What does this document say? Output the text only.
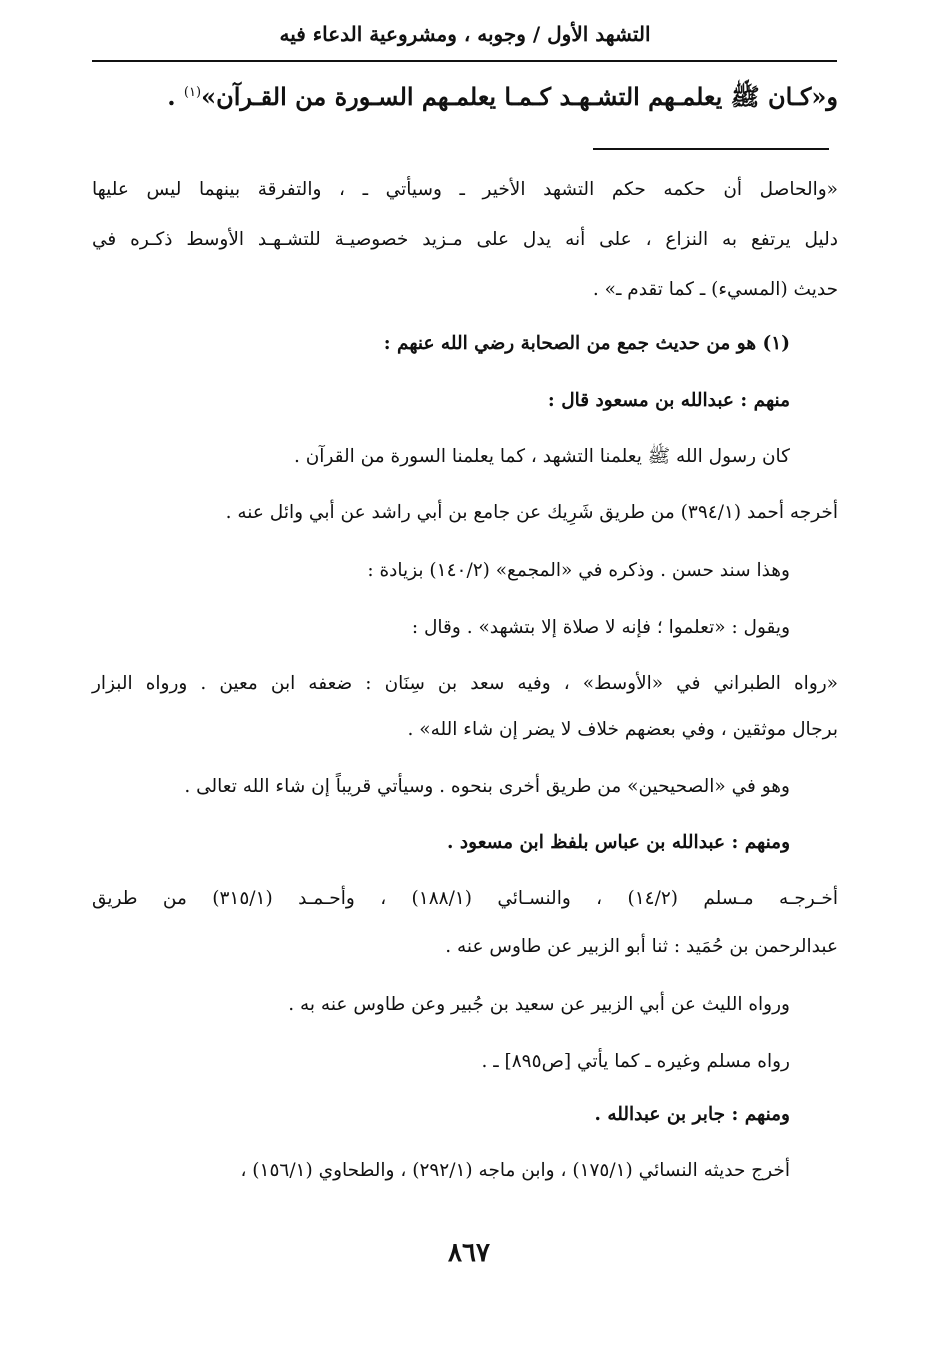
التشهد الأول / وجوبه ، ومشروعية الدعاء فيه
و«كـان ﷺ يعلمـهم التشـهـد كـمـا يعلمـهم السـورة من القـرآن»$^{(١)}$ .
«والحاصل أن حكمه حكم التشهد الأخير ـ وسيأتي ـ ، والتفرقة بينهما ليس عليها
دليل يرتفع به النزاع ، على أنه يدل على مـزيد خصوصيـة للتشـهـد الأوسط ذكـره في
حديث (المسيء) ـ كما تقدم ـ» .
(١) هو من حديث جمع من الصحابة رضي الله عنهم :
منهم : عبدالله بن مسعود قال :
كان رسول الله ﷺ يعلمنا التشهد ، كما يعلمنا السورة من القرآن .
أخرجه أحمد (٣٩٤/١) من طريق شَرِيك عن جامع بن أبي راشد عن أبي وائل عنه .
وهذا سند حسن . وذكره في «المجمع» (١٤٠/٢) بزيادة :
ويقول : «تعلموا ؛ فإنه لا صلاة إلا بتشهد» . وقال :
«رواه الطبراني في «الأوسط» ، وفيه سعد بن سِنَان : ضعفه ابن معين . ورواه البزار
برجال موثقين ، وفي بعضهم خلاف لا يضر إن شاء الله» .
وهو في «الصحيحين» من طريق أخرى بنحوه . وسيأتي قريباً إن شاء الله تعالى .
ومنهم : عبدالله بن عباس بلفظ ابن مسعود .
أخـرجـه مـسلم (١٤/٢) ، والنسـائي (١٨٨/١) ، وأحـمـد (٣١٥/١) من طريق
عبدالرحمن بن حُمَيد : ثنا أبو الزبير عن طاوس عنه .
ورواه الليث عن أبي الزبير عن سعيد بن جُبير وعن طاوس عنه به .
رواه مسلم وغيره ـ كما يأتي [ص٨٩٥] ـ .
ومنهم : جابر بن عبدالله .
أخرج حديثه النسائي (١٧٥/١) ، وابن ماجه (٢٩٢/١) ، والطحاوي (١٥٦/١) ،
٨٦٧
